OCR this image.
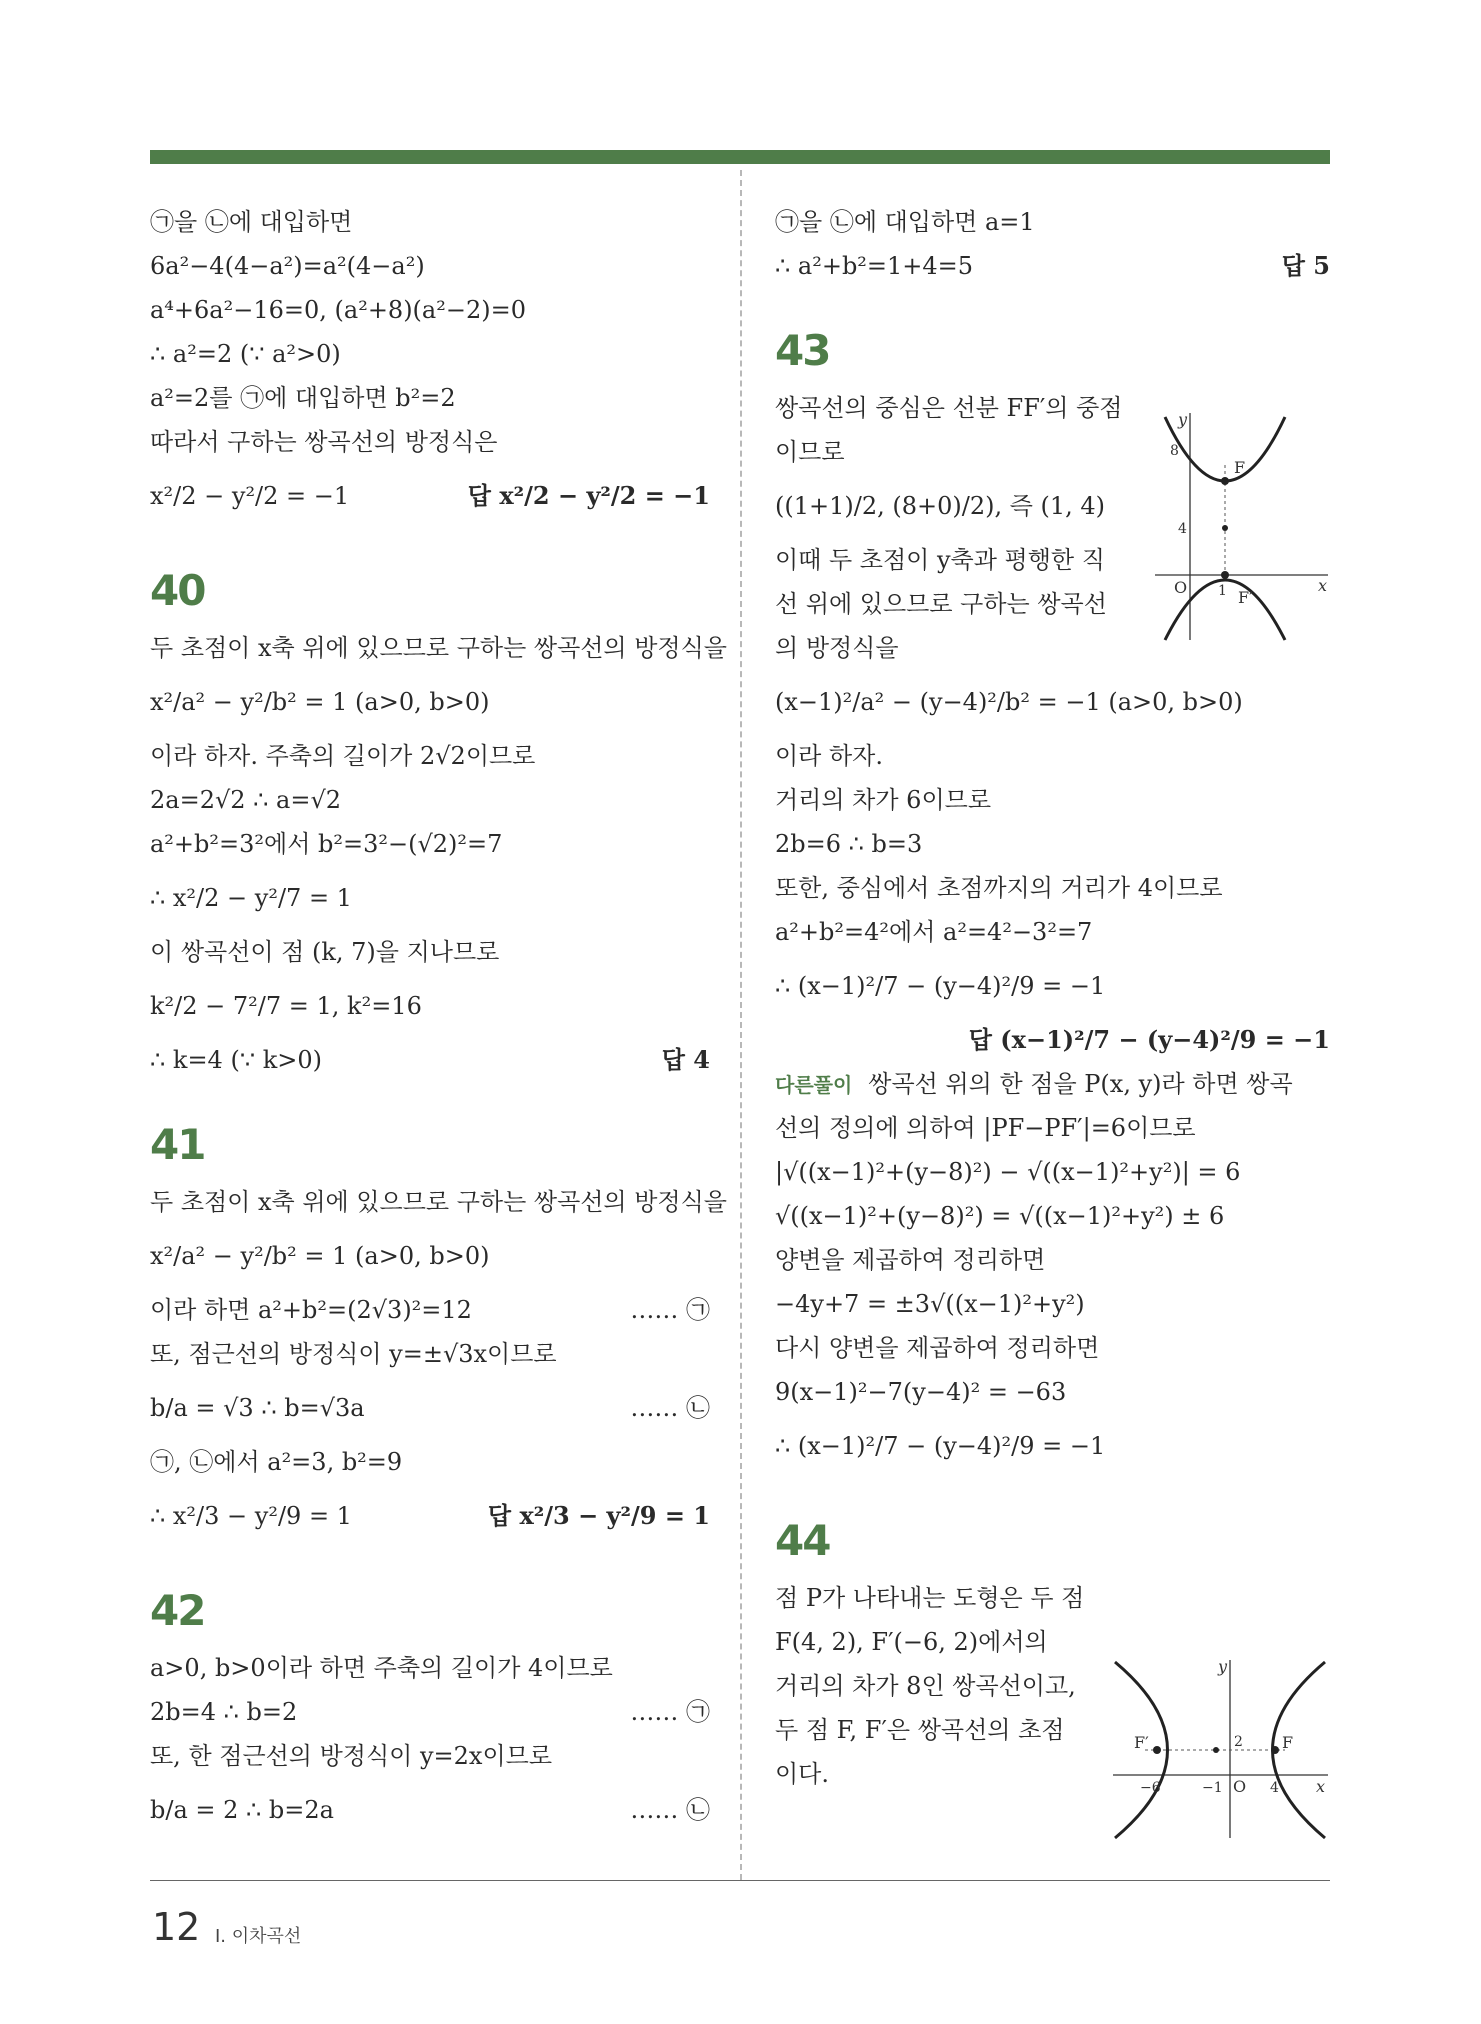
㉠을 ㉡에 대입하면
6a²−4(4−a²)=a²(4−a²)
a⁴+6a²−16=0, (a²+8)(a²−2)=0
∴ a²=2 (∵ a²>0)
a²=2를 ㉠에 대입하면 b²=2
따라서 구하는 쌍곡선의 방정식은
x²/2 − y²/2 = −1	답 x²/2 − y²/2 = −1
40
두 초점이 x축 위에 있으므로 구하는 쌍곡선의 방정식을
x²/a² − y²/b² = 1 (a>0, b>0)
이라 하자. 주축의 길이가 2√2이므로
2a=2√2 ∴ a=√2
a²+b²=3²에서 b²=3²−(√2)²=7
∴ x²/2 − y²/7 = 1
이 쌍곡선이 점 (k, 7)을 지나므로
k²/2 − 7²/7 = 1, k²=16
∴ k=4 (∵ k>0)	답 4
41
두 초점이 x축 위에 있으므로 구하는 쌍곡선의 방정식을
x²/a² − y²/b² = 1 (a>0, b>0)
이라 하면 a²+b²=(2√3)²=12	…… ㉠
또, 점근선의 방정식이 y=±√3x이므로
b/a = √3 ∴ b=√3a	…… ㉡
㉠, ㉡에서 a²=3, b²=9
∴ x²/3 − y²/9 = 1	답 x²/3 − y²/9 = 1
42
a>0, b>0이라 하면 주축의 길이가 4이므로
2b=4 ∴ b=2	…… ㉠
또, 한 점근선의 방정식이 y=2x이므로
b/a = 2 ∴ b=2a	…… ㉡
㉠을 ㉡에 대입하면 a=1
∴ a²+b²=1+4=5	답 5
43
쌍곡선의 중심은 선분 FF′의 중점
이므로
((1+1)/2, (8+0)/2), 즉 (1, 4)
이때 두 초점이 y축과 평행한 직
선 위에 있으므로 구하는 쌍곡선
의 방정식을
(x−1)²/a² − (y−4)²/b² = −1 (a>0, b>0)
이라 하자.
거리의 차가 6이므로
2b=6 ∴ b=3
또한, 중심에서 초점까지의 거리가 4이므로
a²+b²=4²에서 a²=4²−3²=7
∴ (x−1)²/7 − (y−4)²/9 = −1
답 (x−1)²/7 − (y−4)²/9 = −1
다른풀이 쌍곡선 위의 한 점을 P(x, y)라 하면 쌍곡
선의 정의에 의하여 |PF−PF′|=6이므로
|√((x−1)²+(y−8)²) − √((x−1)²+y²)| = 6
√((x−1)²+(y−8)²) = √((x−1)²+y²) ± 6
양변을 제곱하여 정리하면
−4y+7 = ±3√((x−1)²+y²)
다시 양변을 제곱하여 정리하면
9(x−1)²−7(y−4)² = −63
∴ (x−1)²/7 − (y−4)²/9 = −1
44
점 P가 나타내는 도형은 두 점
F(4, 2), F′(−6, 2)에서의
거리의 차가 8인 쌍곡선이고,
두 점 F, F′은 쌍곡선의 초점
이다.
x
y
O 1
4
8
F
F′
x
y
O
−6	−1	4
2 F
F′
12 Ⅰ. 이차곡선
